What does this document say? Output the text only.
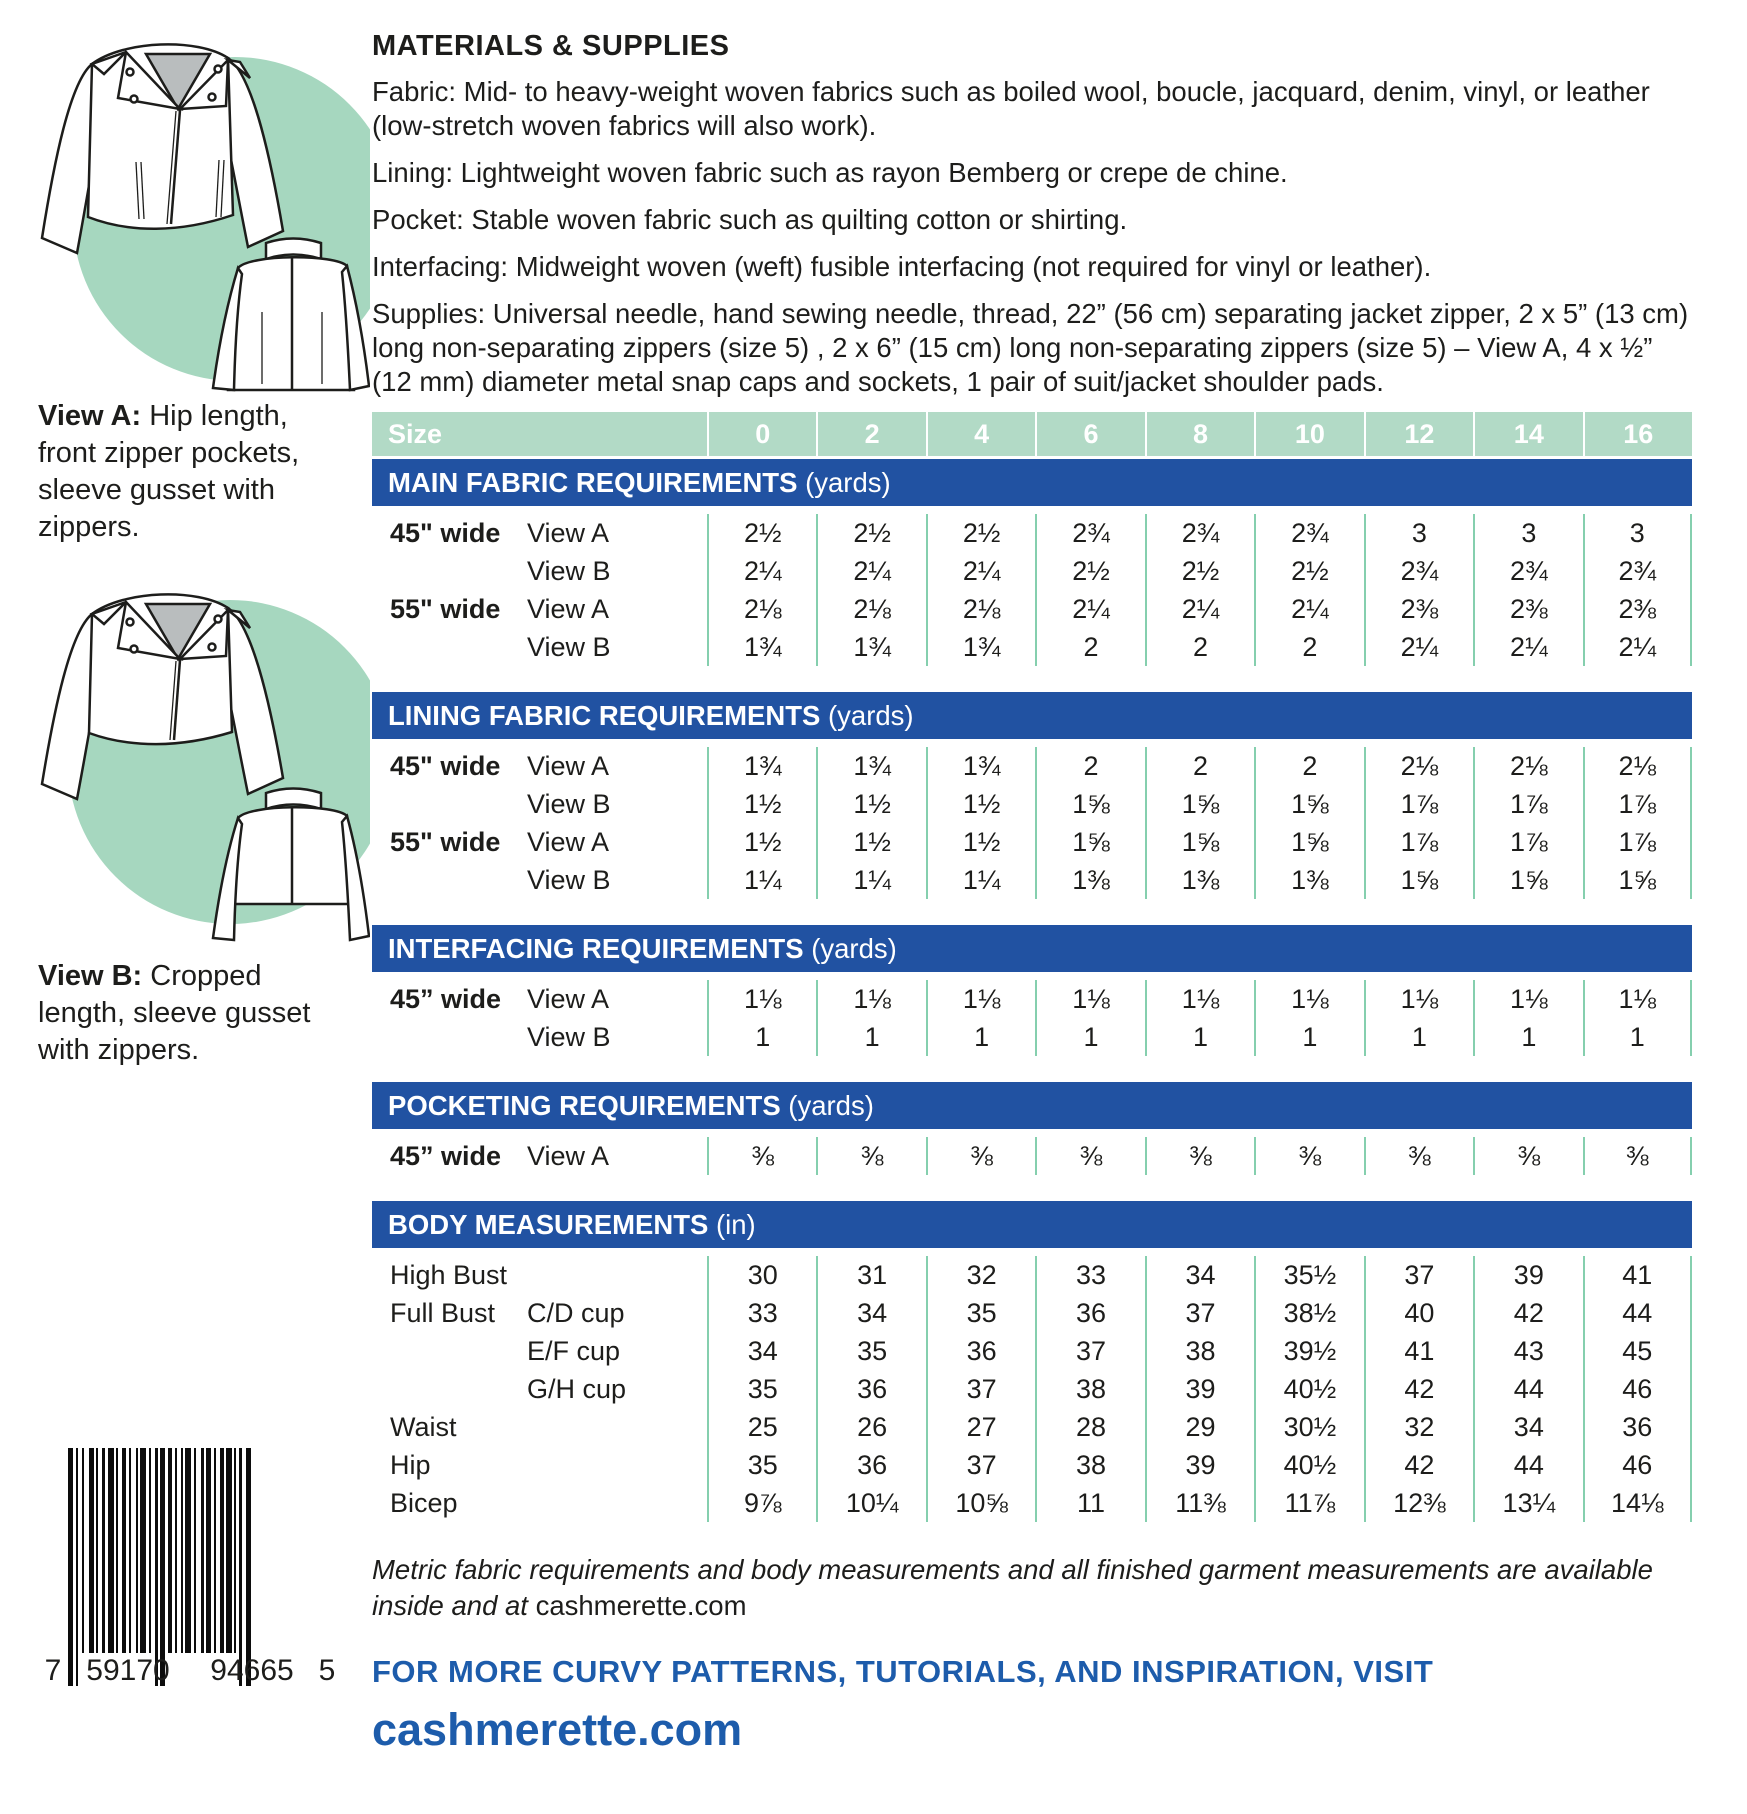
View A: Hip length, front zipper pockets, sleeve gusset with zippers.
View B: Cropped length, sleeve gusset with zippers.
7 59170	94665 5
MATERIALS & SUPPLIES

Fabric: Mid- to heavy-weight woven fabrics such as boiled wool, boucle, jacquard, denim, vinyl, or leather (low-stretch woven fabrics will also work).

Lining: Lightweight woven fabric such as rayon Bemberg or crepe de chine.

Pocket: Stable woven fabric such as quilting cotton or shirting.

Interfacing: Midweight woven (weft) fusible interfacing (not required for vinyl or leather).

Supplies: Universal needle, hand sewing needle, thread, 22” (56 cm) separating jacket zipper, 2 x 5” (13 cm) long non-separating zippers (size 5) , 2 x 6” (15 cm) long non-separating zippers (size 5) – View A, 4 x ½” (12 mm) diameter metal snap caps and sockets, 1 pair of suit/jacket shoulder pads.

Size	0	2	4	6	8	10	12	14	16
MAIN FABRIC REQUIREMENTS (yards)
45" wide View A	2½	2½	2½	2¾	2¾	2¾	3	3	3
View B	2¼	2¼	2¼	2½	2½	2½	2¾	2¾	2¾
55" wide View A	2⅛	2⅛	2⅛	2¼	2¼	2¼	2⅜	2⅜	2⅜
View B	1¾	1¾	1¾	2	2	2	2¼	2¼	2¼
LINING FABRIC REQUIREMENTS (yards)
45" wide View A	1¾	1¾	1¾	2	2	2	2⅛	2⅛	2⅛
View B	1½	1½	1½	1⅝	1⅝	1⅝	1⅞	1⅞	1⅞
55" wide View A	1½	1½	1½	1⅝	1⅝	1⅝	1⅞	1⅞	1⅞
View B	1¼	1¼	1¼	1⅜	1⅜	1⅜	1⅝	1⅝	1⅝
INTERFACING REQUIREMENTS (yards)
45” wide View A	1⅛	1⅛	1⅛	1⅛	1⅛	1⅛	1⅛	1⅛	1⅛
View B	1	1	1	1	1	1	1	1	1
POCKETING REQUIREMENTS (yards)
45” wide View A	⅜	⅜	⅜	⅜	⅜	⅜	⅜	⅜	⅜
BODY MEASUREMENTS (in)
High Bust	30	31	32	33	34	35½	37	39	41
Full Bust	C/D cup	33	34	35	36	37	38½	40	42	44
E/F cup	34	35	36	37	38	39½	41	43	45
G/H cup	35	36	37	38	39	40½	42	44	46
Waist	25	26	27	28	29	30½	32	34	36
Hip	35	36	37	38	39	40½	42	44	46
Bicep	9⅞	10¼	10⅝	11	11⅜	11⅞	12⅜	13¼	14⅛

Metric fabric requirements and body measurements and all finished garment measurements are available inside and at cashmerette.com

FOR MORE CURVY PATTERNS, TUTORIALS, AND INSPIRATION, VISIT
cashmerette.com
